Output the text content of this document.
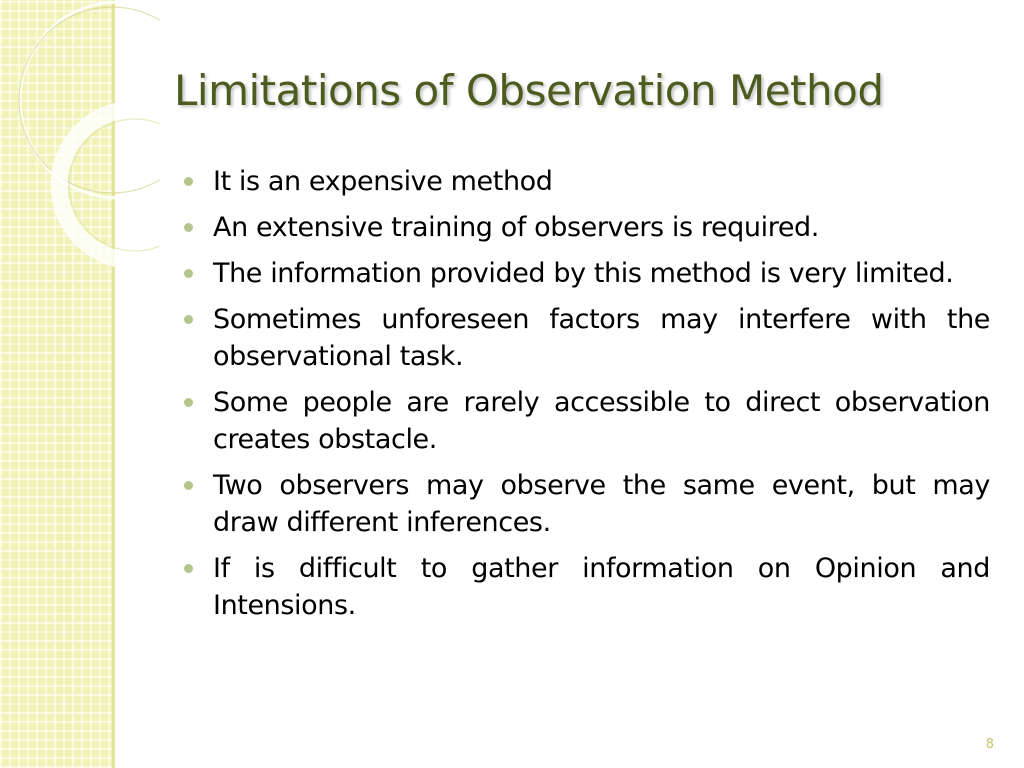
Limitations of Observation Method
It is an expensive method
An extensive training of observers is required.
The information provided by this method is very limited.
Sometimes unforeseen factors may interfere with the observational task.
Some people are rarely accessible to direct observation creates obstacle.
Two observers may observe the same event, but may draw different inferences.
If is difficult to gather information on Opinion and Intensions.
8
